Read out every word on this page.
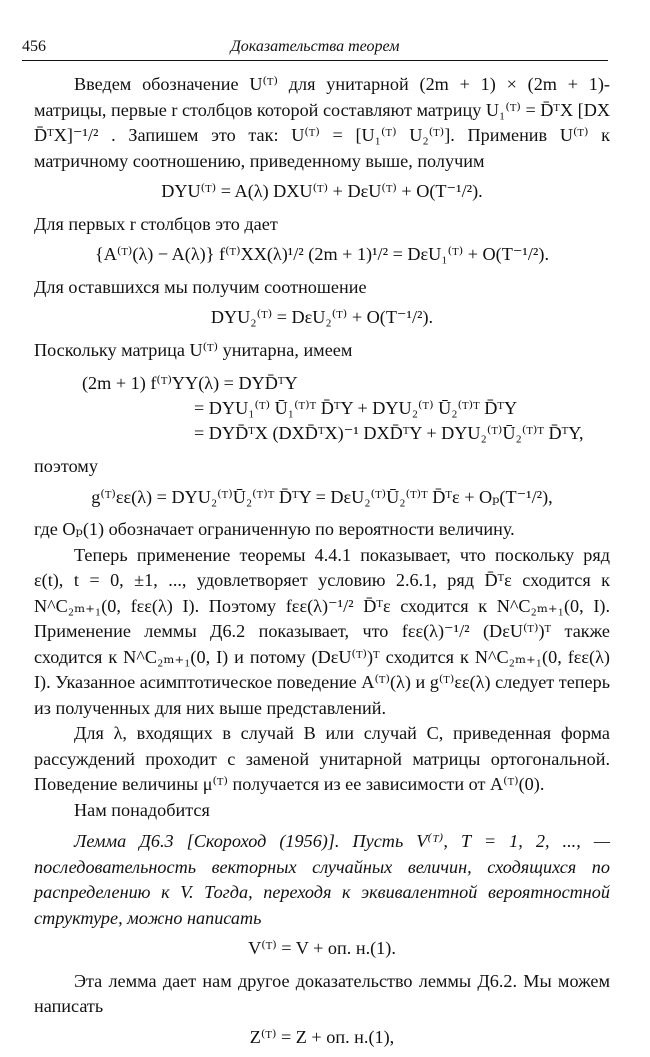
456	Доказательства теорем

Введем обозначение U⁽ᵀ⁾ для унитарной (2m + 1) × (2m + 1)-матрицы, первые r столбцов которой составляют матрицу U₁⁽ᵀ⁾ = D̄ᵀX [DX D̄ᵀX]⁻¹/² . Запишем это так: U⁽ᵀ⁾ = [U₁⁽ᵀ⁾ U₂⁽ᵀ⁾]. Применив U⁽ᵀ⁾ к матричному соотношению, приведенному выше, получим

DYU⁽ᵀ⁾ = A(λ) DXU⁽ᵀ⁾ + DεU⁽ᵀ⁾ + O(T⁻¹/²).

Для первых r столбцов это дает

{A⁽ᵀ⁾(λ) − A(λ)} f⁽ᵀ⁾XX(λ)¹/² (2m + 1)¹/² = DεU₁⁽ᵀ⁾ + O(T⁻¹/²).

Для оставшихся мы получим соотношение

DYU₂⁽ᵀ⁾ = DεU₂⁽ᵀ⁾ + O(T⁻¹/²).

Поскольку матрица U⁽ᵀ⁾ унитарна, имеем

(2m + 1) f⁽ᵀ⁾YY(λ) = DYD̄ᵀY
= DYU₁⁽ᵀ⁾ Ū₁⁽ᵀ⁾ᵀ D̄ᵀY + DYU₂⁽ᵀ⁾ Ū₂⁽ᵀ⁾ᵀ D̄ᵀY
= DYD̄ᵀX (DXD̄ᵀX)⁻¹ DXD̄ᵀY + DYU₂⁽ᵀ⁾Ū₂⁽ᵀ⁾ᵀ D̄ᵀY,

поэтому

g⁽ᵀ⁾εε(λ) = DYU₂⁽ᵀ⁾Ū₂⁽ᵀ⁾ᵀ D̄ᵀY = DεU₂⁽ᵀ⁾Ū₂⁽ᵀ⁾ᵀ D̄ᵀε + Oₚ(T⁻¹/²),

где Oₚ(1) обозначает ограниченную по вероятности величину.

Теперь применение теоремы 4.4.1 показывает, что поскольку ряд ε(t), t = 0, ±1, ..., удовлетворяет условию 2.6.1, ряд D̄ᵀε сходится к N^C₂ₘ₊₁(0, fεε(λ) I). Поэтому fεε(λ)⁻¹/² D̄ᵀε сходится к N^C₂ₘ₊₁(0, I). Применение леммы Д6.2 показывает, что fεε(λ)⁻¹/² (DεU⁽ᵀ⁾)ᵀ также сходится к N^C₂ₘ₊₁(0, I) и потому (DεU⁽ᵀ⁾)ᵀ сходится к N^C₂ₘ₊₁(0, fεε(λ) I). Указанное асимптотическое поведение A⁽ᵀ⁾(λ) и g⁽ᵀ⁾εε(λ) следует теперь из полученных для них выше представлений.

Для λ, входящих в случай B или случай C, приведенная форма рассуждений проходит с заменой унитарной матрицы ортогональной. Поведение величины μ⁽ᵀ⁾ получается из ее зависимости от A⁽ᵀ⁾(0).

Нам понадобится

Лемма Д6.3 [Скороход (1956)]. Пусть V⁽ᵀ⁾, T = 1, 2, ..., — последовательность векторных случайных величин, сходящихся по распределению к V. Тогда, переходя к эквивалентной вероятностной структуре, можно написать

V⁽ᵀ⁾ = V + oп. н.(1).

Эта лемма дает нам другое доказательство леммы Д6.2. Мы можем написать

Z⁽ᵀ⁾ = Z + oп. н.(1),
